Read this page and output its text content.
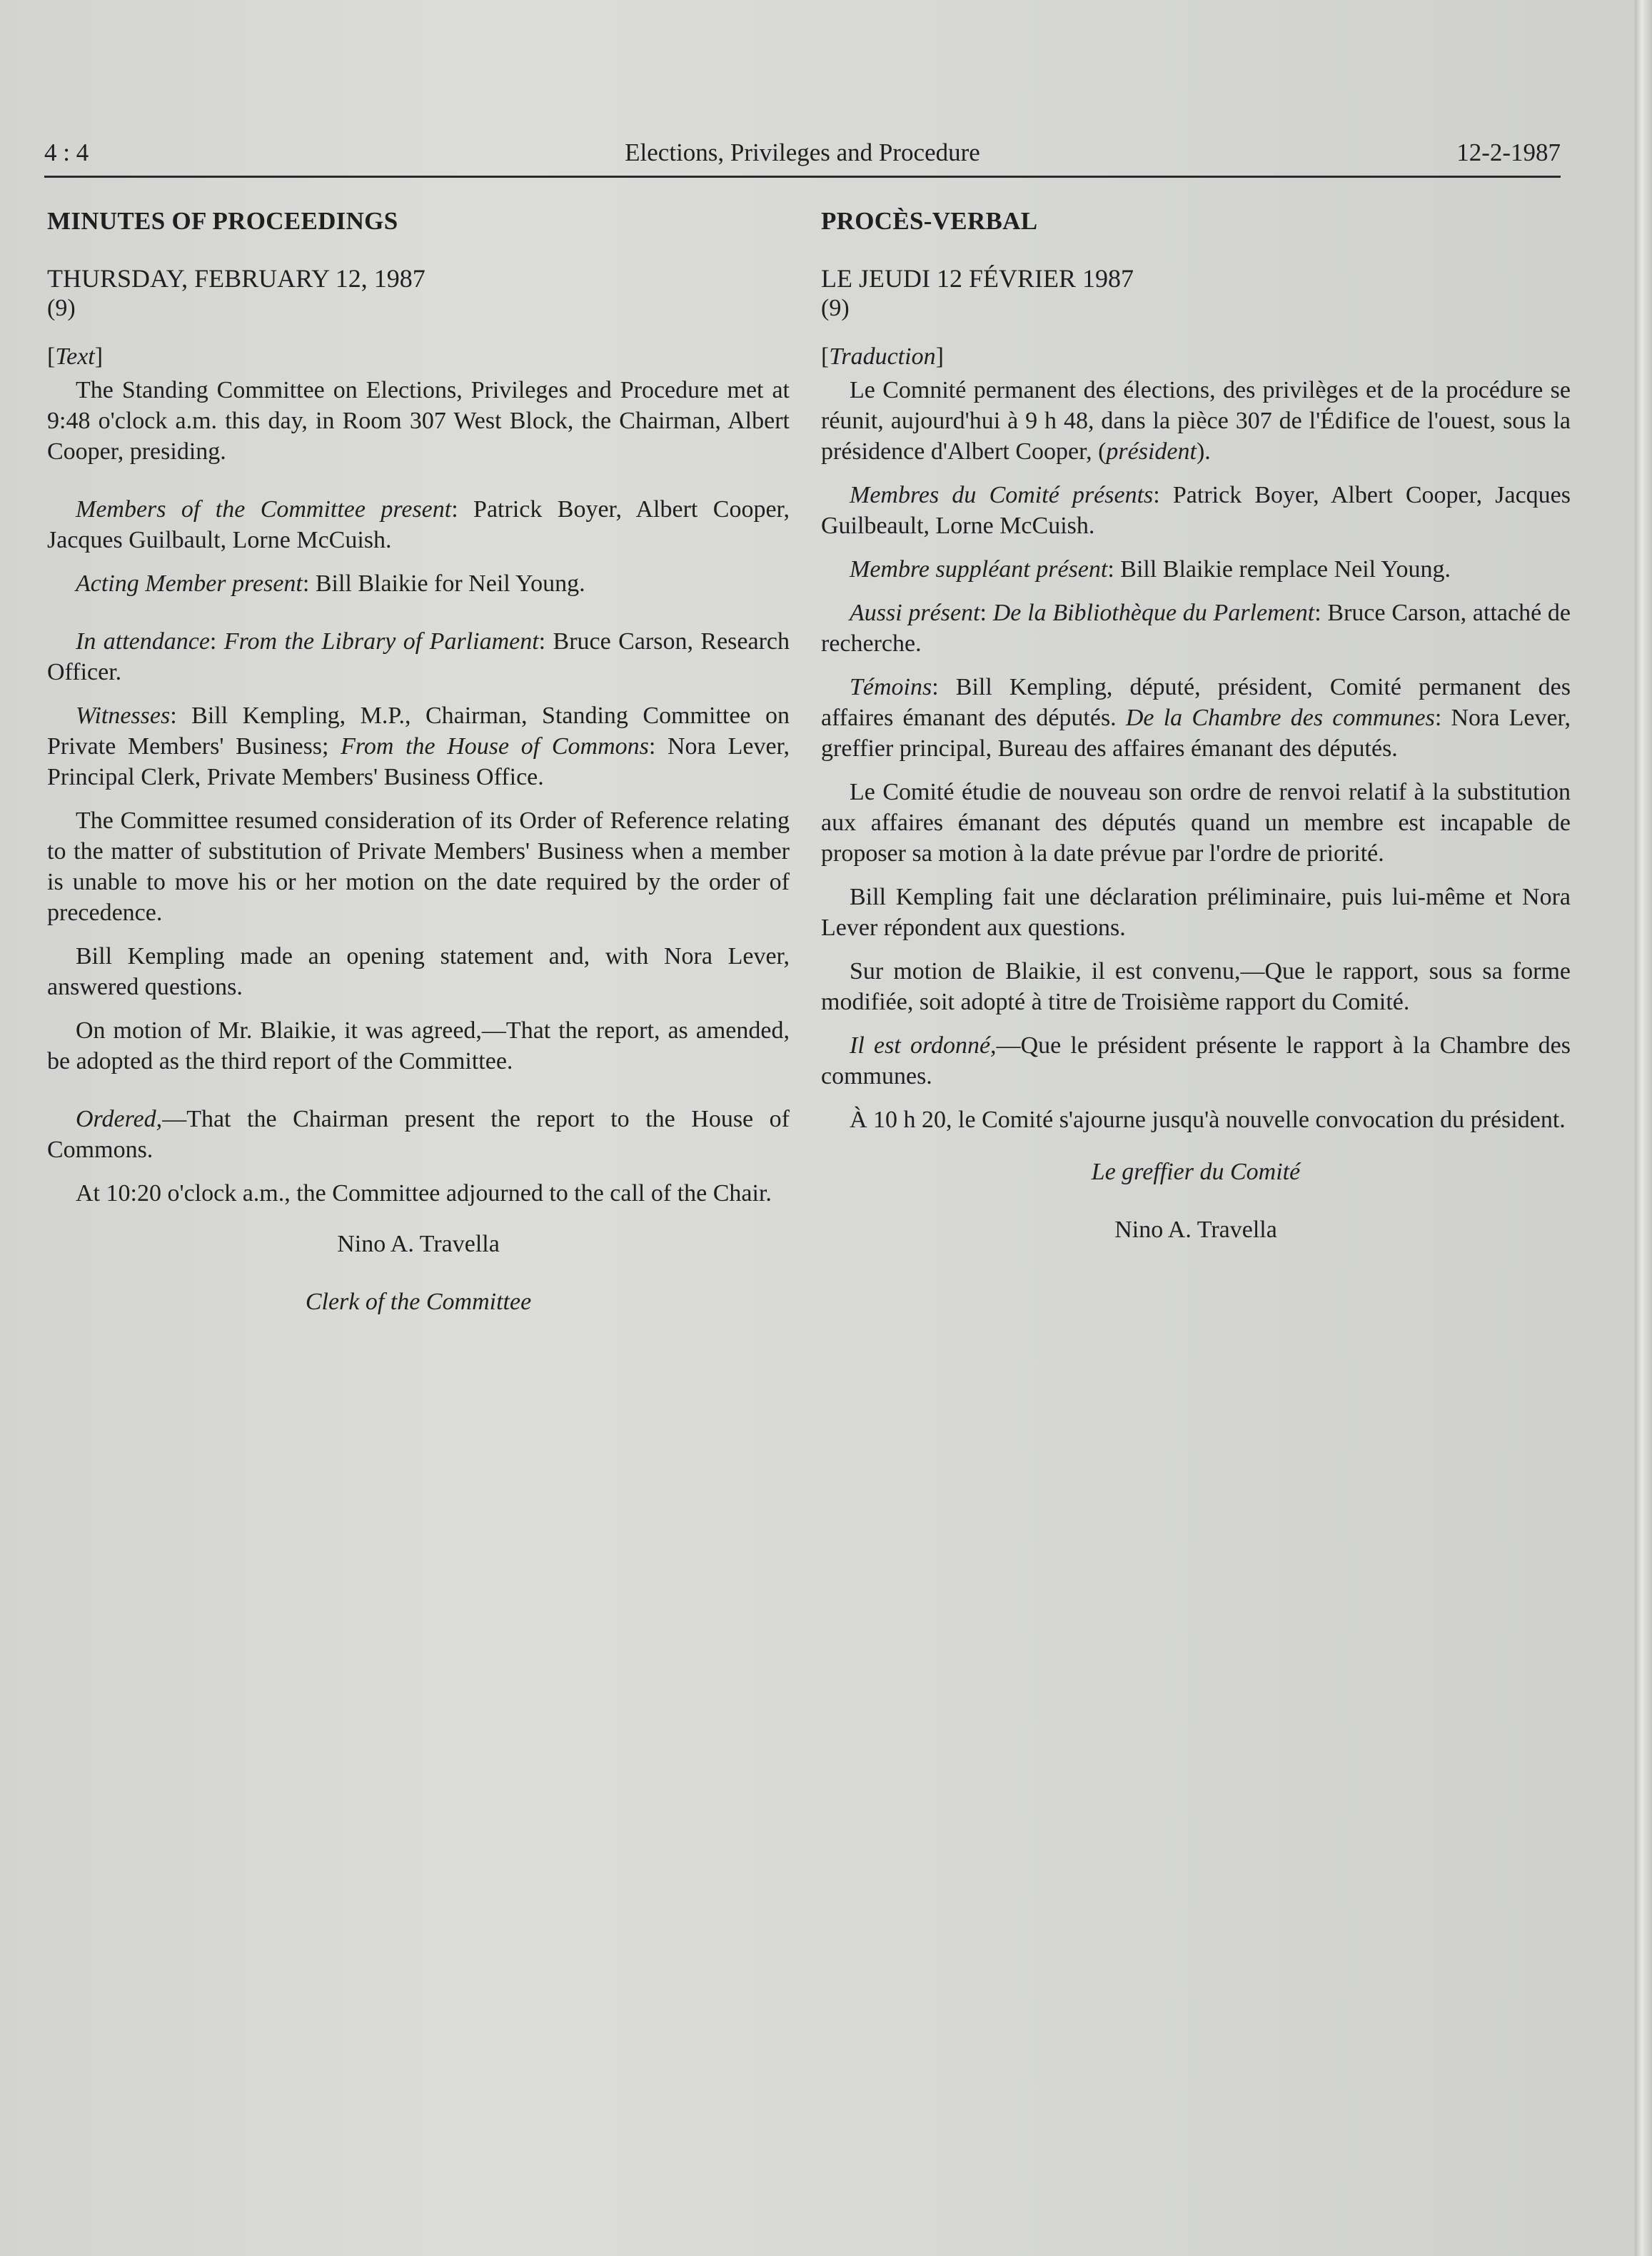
4 : 4	Elections, Privileges and Procedure	12-2-1987
MINUTES OF PROCEEDINGS

THURSDAY, FEBRUARY 12, 1987

(9)

[Text]

The Standing Committee on Elections, Privileges and Procedure met at 9:48 o'clock a.m. this day, in Room 307 West Block, the Chairman, Albert Cooper, presiding.

Members of the Committee present: Patrick Boyer, Albert Cooper, Jacques Guilbault, Lorne McCuish.

Acting Member present: Bill Blaikie for Neil Young.

In attendance: From the Library of Parliament: Bruce Carson, Research Officer.

Witnesses: Bill Kempling, M.P., Chairman, Standing Committee on Private Members' Business; From the House of Commons: Nora Lever, Principal Clerk, Private Members' Business Office.

The Committee resumed consideration of its Order of Reference relating to the matter of substitution of Private Members' Business when a member is unable to move his or her motion on the date required by the order of precedence.

Bill Kempling made an opening statement and, with Nora Lever, answered questions.

On motion of Mr. Blaikie, it was agreed,—That the report, as amended, be adopted as the third report of the Committee.

Ordered,—That the Chairman present the report to the House of Commons.

At 10:20 o'clock a.m., the Committee adjourned to the call of the Chair.

Nino A. Travella

Clerk of the Committee

PROCÈS-VERBAL

LE JEUDI 12 FÉVRIER 1987

(9)

[Traduction]

Le Comnité permanent des élections, des privilèges et de la procédure se réunit, aujourd'hui à 9 h 48, dans la pièce 307 de l'Édifice de l'ouest, sous la présidence d'Albert Cooper, (président).

Membres du Comité présents: Patrick Boyer, Albert Cooper, Jacques Guilbeault, Lorne McCuish.

Membre suppléant présent: Bill Blaikie remplace Neil Young.

Aussi présent: De la Bibliothèque du Parlement: Bruce Carson, attaché de recherche.

Témoins: Bill Kempling, député, président, Comité permanent des affaires émanant des députés. De la Chambre des communes: Nora Lever, greffier principal, Bureau des affaires émanant des députés.

Le Comité étudie de nouveau son ordre de renvoi relatif à la substitution aux affaires émanant des députés quand un membre est incapable de proposer sa motion à la date prévue par l'ordre de priorité.

Bill Kempling fait une déclaration préliminaire, puis lui-même et Nora Lever répondent aux questions.

Sur motion de Blaikie, il est convenu,—Que le rapport, sous sa forme modifiée, soit adopté à titre de Troisième rapport du Comité.

Il est ordonné,—Que le président présente le rapport à la Chambre des communes.

À 10 h 20, le Comité s'ajourne jusqu'à nouvelle convocation du président.

Le greffier du Comité

Nino A. Travella
